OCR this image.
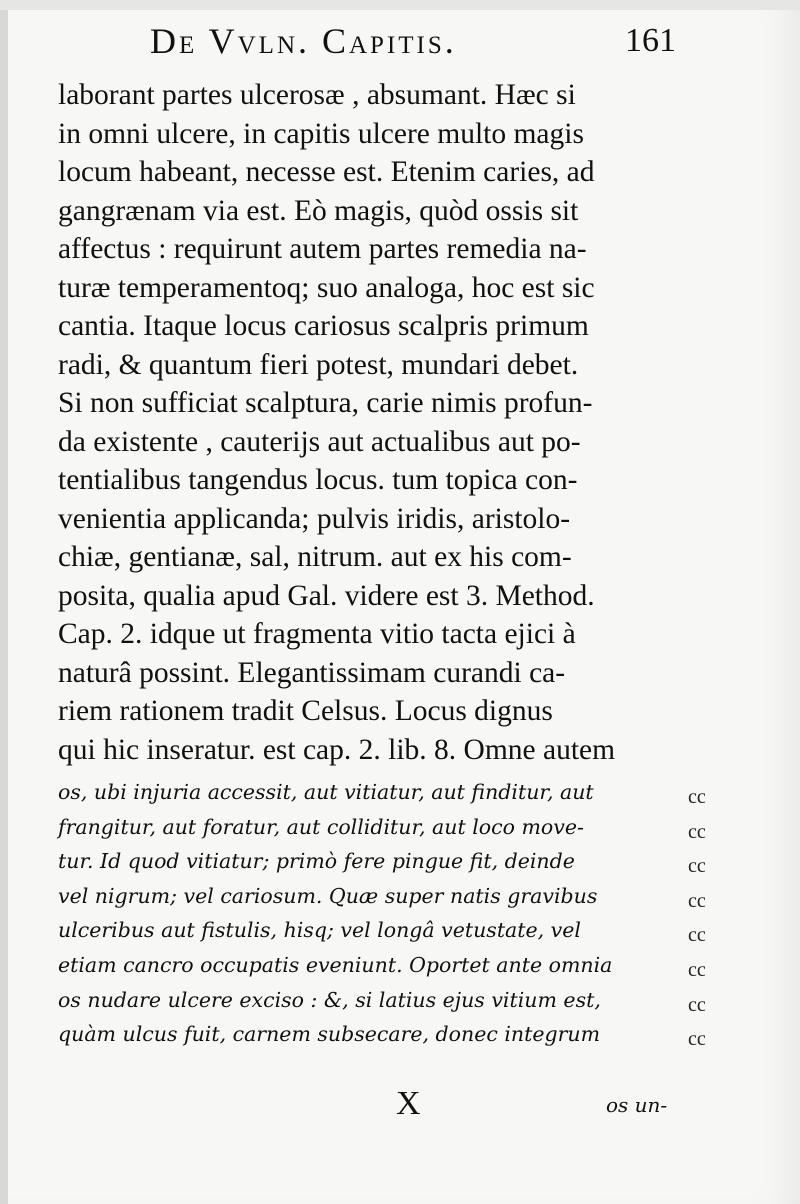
De Vvln. Capitis.	161
laborant partes ulcerosæ , absumant. Hæc si
in omni ulcere, in capitis ulcere multo magis
locum habeant, necesse est. Etenim caries, ad
gangrænam via est. Eò magis, quòd ossis sit
affectus : requirunt autem partes remedia na-
turæ temperamentoq; suo analoga, hoc est sic
cantia. Itaque locus cariosus scalpris primum
radi, & quantum fieri potest, mundari debet.
Si non sufficiat scalptura, carie nimis profun-
da existente , cauterijs aut actualibus aut po-
tentialibus tangendus locus. tum topica con-
venientia applicanda; pulvis iridis, aristolo-
chiæ, gentianæ, sal, nitrum. aut ex his com-
posita, qualia apud Gal. videre est 3. Method.
Cap. 2. idque ut fragmenta vitio tacta ejici à
naturâ possint. Elegantissimam curandi ca-
riem rationem tradit Celsus. Locus dignus
qui hic inseratur. est cap. 2. lib. 8. Omne autem
os, ubi injuria accessit, aut vitiatur, aut finditur, aut
frangitur, aut foratur, aut colliditur, aut loco move-
tur. Id quod vitiatur; primò fere pingue fit, deinde
vel nigrum; vel cariosum. Quæ super natis gravibus
ulceribus aut fistulis, hisq; vel longâ vetustate, vel
etiam cancro occupatis eveniunt. Oportet ante omnia
os nudare ulcere exciso : &, si latius ejus vitium est,
quàm ulcus fuit, carnem subsecare, donec integrum
cc
cc
cc
cc
cc
cc
cc
cc
X	os un-
